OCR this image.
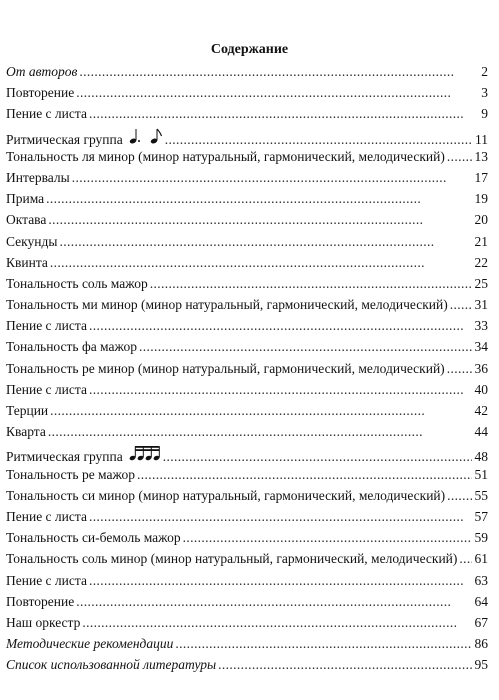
Содержание
От авторов . . .	2
Повторение . . .	3
Пение с листа . . .	9
Ритмическая группа . . .	11
Тональность ля минор (минор натуральный, гармонический, мелодический) . . . 13
Интервалы . . .	17
Прима . . .	19
Октава . . .	20
Секунды . . .	21
Квинта . . .	22
Тональность соль мажор . . .	25
Тональность ми минор (минор натуральный, гармонический, мелодический) . . . 31
Пение с листа . . .	33
Тональность фа мажор . . .	34
Тональность ре минор (минор натуральный, гармонический, мелодический) . . . 36
Пение с листа . . .	40
Терции . . .	42
Кварта . . .	44
Ритмическая группа . . .	48
Тональность ре мажор . . .	51
Тональность си минор (минор натуральный, гармонический, мелодический) . . . 55
Пение с листа . . .	57
Тональность си-бемоль мажор . . .	59
Тональность соль минор (минор натуральный, гармонический, мелодический) . . . 61
Пение с листа . . .	63
Повторение . . .	64
Наш оркестр . . .	67
Методические рекомендации . . .	86
Список использованной литературы . . .	95
